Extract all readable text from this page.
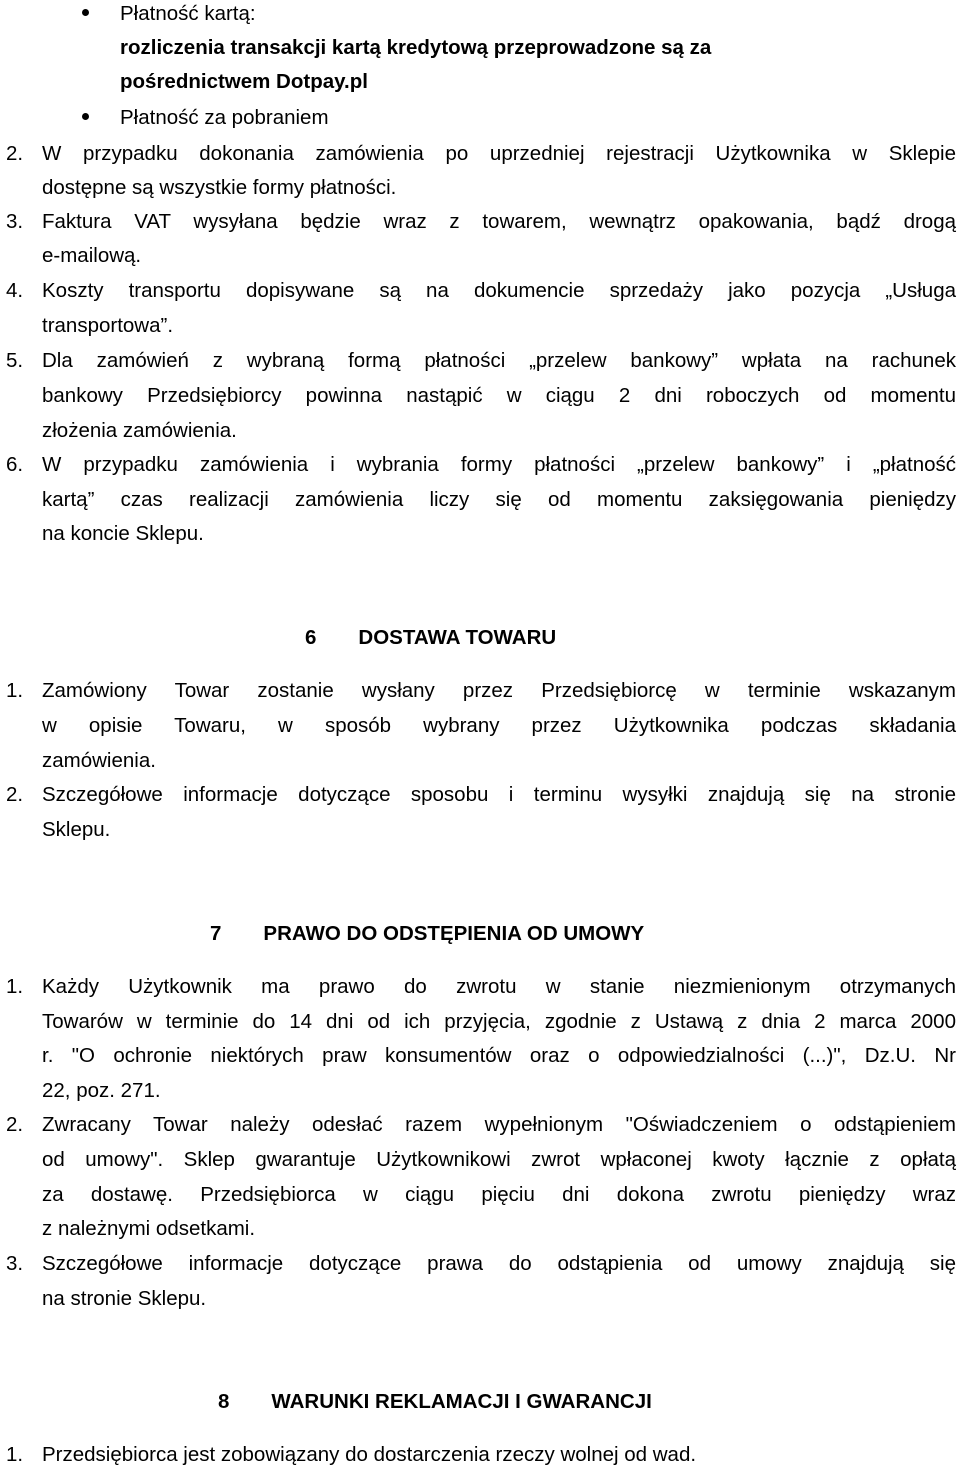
Płatność kartą:
rozliczenia transakcji kartą kredytową przeprowadzone są za
pośrednictwem Dotpay.pl
Płatność za pobraniem
2. W przypadku dokonania zamówienia po uprzedniej rejestracji Użytkownika w Sklepie
dostępne są wszystkie formy płatności.
3. Faktura VAT wysyłana będzie wraz z towarem, wewnątrz opakowania, bądź drogą
e-mailową.
4. Koszty transportu dopisywane są na dokumencie sprzedaży jako pozycja „Usługa
transportowa”.
5. Dla zamówień z wybraną formą płatności „przelew bankowy” wpłata na rachunek
bankowy Przedsiębiorcy powinna nastąpić w ciągu 2 dni roboczych od momentu
złożenia zamówienia.
6. W przypadku zamówienia i wybrania formy płatności „przelew bankowy” i „płatność
kartą” czas realizacji zamówienia liczy się od momentu zaksięgowania pieniędzy
na koncie Sklepu.
6 DOSTAWA TOWARU
1. Zamówiony Towar zostanie wysłany przez Przedsiębiorcę w terminie wskazanym
w opisie Towaru, w sposób wybrany przez Użytkownika podczas składania
zamówienia.
2. Szczegółowe informacje dotyczące sposobu i terminu wysyłki znajdują się na stronie
Sklepu.
7 PRAWO DO ODSTĘPIENIA OD UMOWY
1. Każdy Użytkownik ma prawo do zwrotu w stanie niezmienionym otrzymanych
Towarów w terminie do 14 dni od ich przyjęcia, zgodnie z Ustawą z dnia 2 marca 2000
r. "O ochronie niektórych praw konsumentów oraz o odpowiedzialności (...)", Dz.U. Nr
22, poz. 271.
2. Zwracany Towar należy odesłać razem wypełnionym "Oświadczeniem o odstąpieniem
od umowy". Sklep gwarantuje Użytkownikowi zwrot wpłaconej kwoty łącznie z opłatą
za dostawę. Przedsiębiorca w ciągu pięciu dni dokona zwrotu pieniędzy wraz
z należnymi odsetkami.
3. Szczegółowe informacje dotyczące prawa do odstąpienia od umowy znajdują się
na stronie Sklepu.
8 WARUNKI REKLAMACJI I GWARANCJI
1. Przedsiębiorca jest zobowiązany do dostarczenia rzeczy wolnej od wad.
